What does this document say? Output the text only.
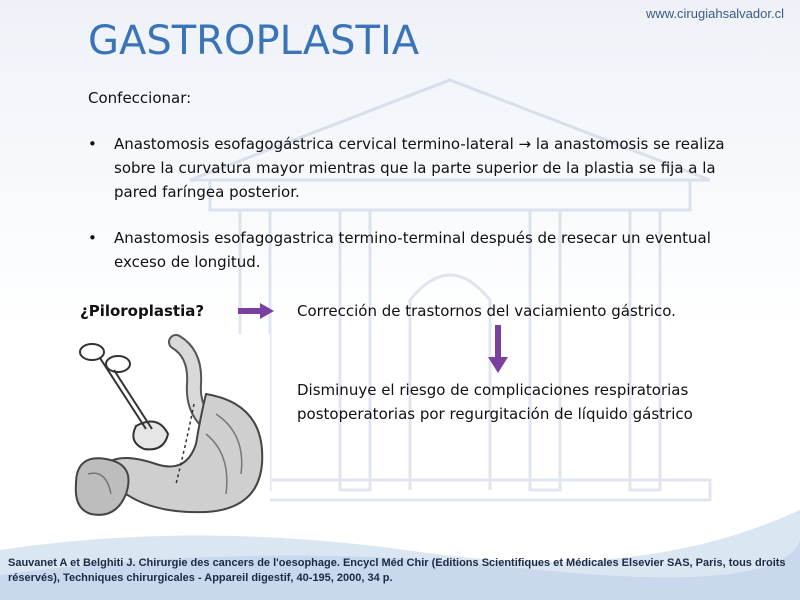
www.cirugiahsalvador.cl
GASTROPLASTIA
Confeccionar:
• Anastomosis esofagogástrica cervical termino-lateral → la anastomosis se realiza sobre la curvatura mayor mientras que la parte superior de la plastia se fija a la pared faríngea posterior.
• Anastomosis esofagogastrica termino-terminal después de resecar un eventual exceso de longitud.
¿Piloroplastia?	Corrección de trastornos del vaciamiento gástrico.
Disminuye el riesgo de complicaciones respiratorias postoperatorias por regurgitación de líquido gástrico
Sauvanet A et Belghiti J. Chirurgie des cancers de l'oesophage. Encycl Méd Chir (Editions Scientifiques et Médicales Elsevier SAS, Paris, tous droits réservés), Techniques chirurgicales - Appareil digestif, 40-195, 2000, 34 p.
